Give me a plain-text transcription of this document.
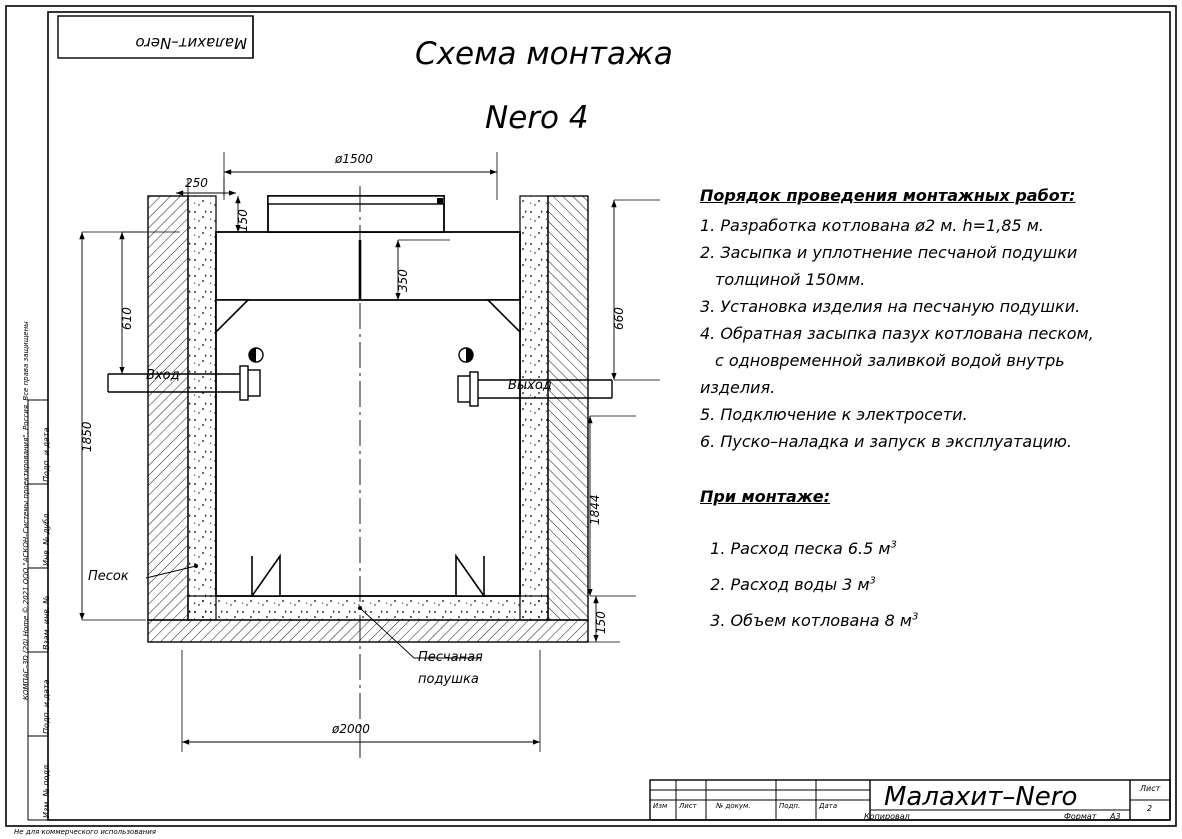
Малахит–Nero	Схема монтажа
Nero 4
ø1500
250
150
350
610
1850
660
1844
150
ø2000
Вход
Выход
Песок
Песчаная
подушка
Порядок проведения монтажных работ:
1. Разработка котлована ø2 м. h=1,85 м.
2. Засыпка и уплотнение песчаной подушки
толщиной 150мм.
3. Установка изделия на песчаную подушки.
4. Обратная засыпка пазух котлована песком,
с одновременной заливкой водой внутрь
изделия.
5. Подключение к электросети.
6. Пуско–наладка и запуск в эксплуатацию.
При монтаже:

1. Расход песка 6.5 $м^3$

2. Расход воды 3 $м^3$

3. Объем котлована 8 $м^3$

Изм Лист	№ докум.	Подп.	Дата Малахит–Nero	Лист
2
Копировал	Формат A3
Изм. № подл.
Подп. и дата
Взам. инв. №
Инв. № дубл.
Подп. и дата
КОМПАС–3D (20) Home © 2021 ООО "АСКОН–Системы проектирования". Россия. Все права защищены
Не для коммерческого использования
